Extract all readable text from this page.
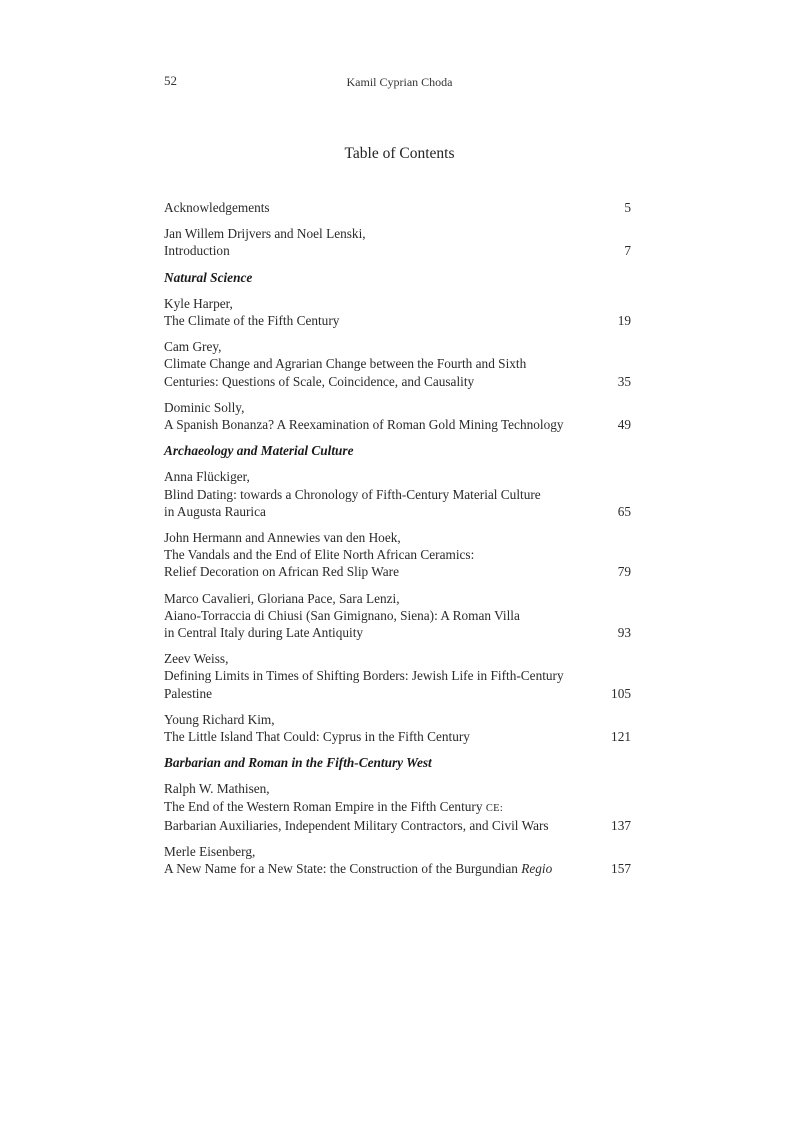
52	Kamil Cyprian Choda
Table of Contents
Acknowledgements	5
Jan Willem Drijvers and Noel Lenski,
Introduction	7
Natural Science
Kyle Harper,
The Climate of the Fifth Century	19
Cam Grey,
Climate Change and Agrarian Change between the Fourth and Sixth
Centuries: Questions of Scale, Coincidence, and Causality	35
Dominic Solly,
A Spanish Bonanza? A Reexamination of Roman Gold Mining Technology	49
Archaeology and Material Culture
Anna Flückiger,
Blind Dating: towards a Chronology of Fifth-Century Material Culture
in Augusta Raurica	65
John Hermann and Annewies van den Hoek,
The Vandals and the End of Elite North African Ceramics:
Relief Decoration on African Red Slip Ware	79
Marco Cavalieri, Gloriana Pace, Sara Lenzi,
Aiano-Torraccia di Chiusi (San Gimignano, Siena): A Roman Villa
in Central Italy during Late Antiquity	93
Zeev Weiss,
Defining Limits in Times of Shifting Borders: Jewish Life in Fifth-Century
Palestine	105
Young Richard Kim,
The Little Island That Could: Cyprus in the Fifth Century	121
Barbarian and Roman in the Fifth-Century West
Ralph W. Mathisen,
The End of the Western Roman Empire in the Fifth Century CE:
Barbarian Auxiliaries, Independent Military Contractors, and Civil Wars	137
Merle Eisenberg,
A New Name for a New State: the Construction of the Burgundian Regio	157
